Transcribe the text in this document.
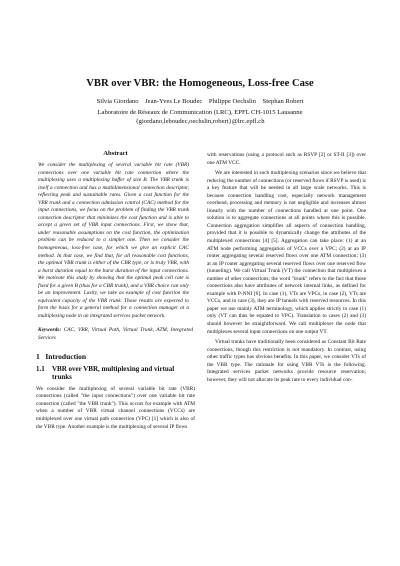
VBR over VBR: the Homogeneous, Loss-free Case
Silvia Giordano    Jean-Yves Le Boudec    Philippe Oechslin    Stephan Robert
Laboratoire de Réseaux de Communication (LRC), EPFL CH-1015 Lausanne
{giordano,leboudec,oechslin,robert}@lrc.epfl.ch
Abstract
We consider the multiplexing of several variable bit rate (VBR) connections over one variable bit rate connection where the multiplexing uses a multiplexing buffer of size B. The VBR trunk is itself a connection and has a multidimensional connection descriptor, reflecting peak and sustainable rates. Given a cost function for the VBR trunk and a connection admission control (CAC) method for the input connections, we focus on the problem of finding the VBR trunk connection descriptor that minimizes the cost function and is able to accept a given set of VBR input connections. First, we show that, under reasonable assumptions on the cost function, the optimization problem can be reduced to a simpler one. Then we consider the homogeneous, loss-free case, for which we give an explicit CAC method. In that case, we find that, for all reasonable cost functions, the optimal VBR trunk is either of the CBR type, or is truly VBR, with a burst duration equal to the burst duration of the input connections. We motivate this study by showing that the optimal peak cell rate is fixed for a given B (thus for a CBR trunk), and a VBR choice can only be an improvement. Lastly, we take as example of cost function the equivalent capacity of the VBR trunk. Those results are expected to form the basis for a general method for a connection manager at a multiplexing node in an integrated services packet network.
Keywords: CAC, VBR, Virtual Path, Virtual Trunk, ATM, Integrated Services
1   Introduction
1.1	VBR over VBR, multiplexing and virtual trunks

We consider the multiplexing of several variable bit rate (VBR) connections (called "the input connections") over one variable bit rate connection (called "the VBR trunk"). This occurs for example with ATM when a number of VBR virtual channel connections (VCCs) are multiplexed over one virtual path connection (VPC) [1] which is also of the VBR type. Another example is the multiplexing of several IP flows

with reservations (using a protocol such as RSVP [2] or ST-II [3]) over one ATM VCC.

We are interested in such multiplexing scenarios since we believe that reducing the number of connections (or reserved flows if RSVP is used) is a key feature that will be needed in all large scale networks. This is because connection handling cost, especially network management overhead, processing and memory is not negligible and increases almost linearly with the number of connections handled at one point. One solution is to aggregate connections at all points where this is possible. Connection aggregation simplifies all aspects of connection handling, provided that it is possible to dynamically change the attributes of the multiplexed connections [4] [5]. Aggregation can take place: (1) at an ATM node performing aggregation of VCCs over a VPC; (2) at an IP router aggregating several reserved flows over one ATM connection; (3) at an IP router aggregating several reserved flows over one reserved flow (tunneling). We call Virtual Trunk (VT) the connection that multiplexes a number of other connections; the word "trunk" refers to the fact that those connections also have attributes of network internal links, as defined for example with P-NNI [6]. In case (1), VTs are VPCs, in case (2), VTs are VCCs, and in case (3), they are IP tunnels with reserved resources. In this paper we use mainly ATM terminology, which applies strictly to case (1) only (VT can thus be equated to VPC). Translation to cases (2) and (3) should however be straightforward. We call multiplexer the node that multiplexes several input connections on one output VT.

Virtual trunks have traditionally been considered as Constant Bit Rate connections, though this restriction is not mandatory. In contrast, using other traffic types has obvious benefits. In this paper, we consider VTs of the VBR type. The rationale for using VBR VTs is the following. Integrated services packet networks provide resource reservation; however, they will not allocate its peak rate to every individual con-
